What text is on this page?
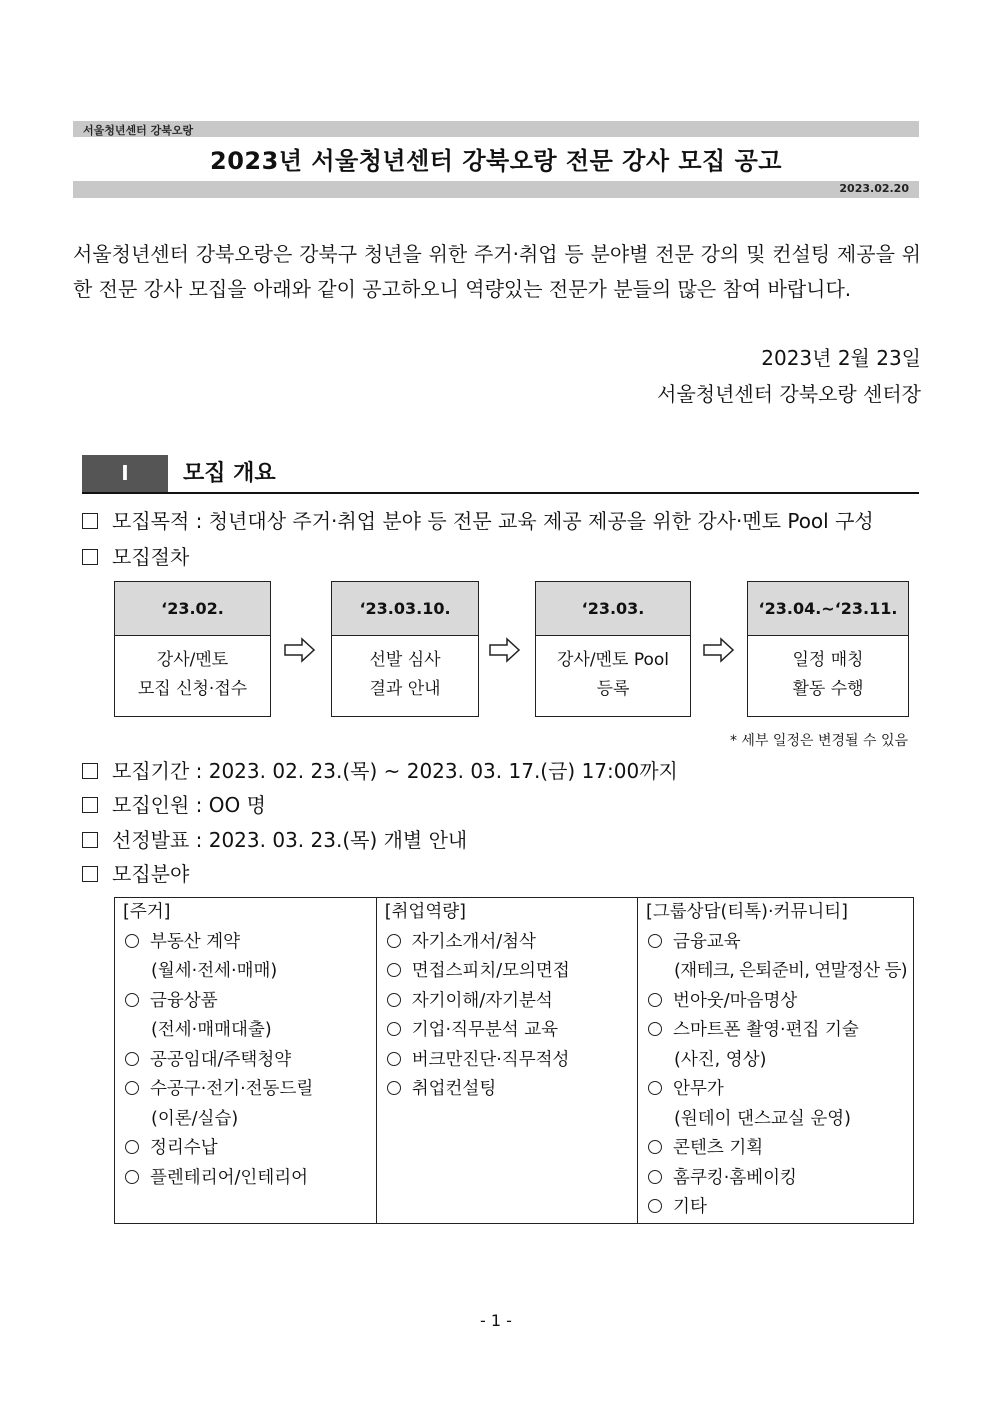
서울청년센터 강북오랑
2023년 서울청년센터 강북오랑 전문 강사 모집 공고
2023.02.20
서울청년센터 강북오랑은 강북구 청년을 위한 주거·취업 등 분야별 전문 강의 및 컨설팅 제공을 위한 전문 강사 모집을 아래와 같이 공고하오니 역량있는 전문가 분들의 많은 참여 바랍니다.
2023년 2월 23일
서울청년센터 강북오랑 센터장
I	모집 개요
모집목적 : 청년대상 주거·취업 분야 등 전문 교육 제공 제공을 위한 강사·멘토 Pool 구성
모집절차
‘23.02.
강사/멘토
모집 신청·접수
‘23.03.10.
선발 심사
결과 안내
‘23.03.
강사/멘토 Pool
등록
‘23.04.~‘23.11.
일정 매칭
활동 수행
* 세부 일정은 변경될 수 있음
모집기간 : 2023. 02. 23.(목) ~ 2023. 03. 17.(금) 17:00까지
모집인원 : OO 명
선정발표 : 2023. 03. 23.(목) 개별 안내
모집분야
[주거]
부동산 계약
(월세·전세·매매)
금융상품
(전세·매매대출)
공공임대/주택청약
수공구·전기·전동드릴
(이론/실습)
정리수납
플렌테리어/인테리어

[취업역량]
자기소개서/첨삭
면접스피치/모의면접
자기이해/자기분석
기업·직무분석 교육
버크만진단·직무적성
취업컨설팅

[그룹상담(티톡)·커뮤니티]
금융교육
(재테크, 은퇴준비, 연말정산 등)
번아웃/마음명상
스마트폰 촬영·편집 기술
(사진, 영상)
안무가
(원데이 댄스교실 운영)
콘텐츠 기획
홈쿠킹·홈베이킹
기타
- 1 -
